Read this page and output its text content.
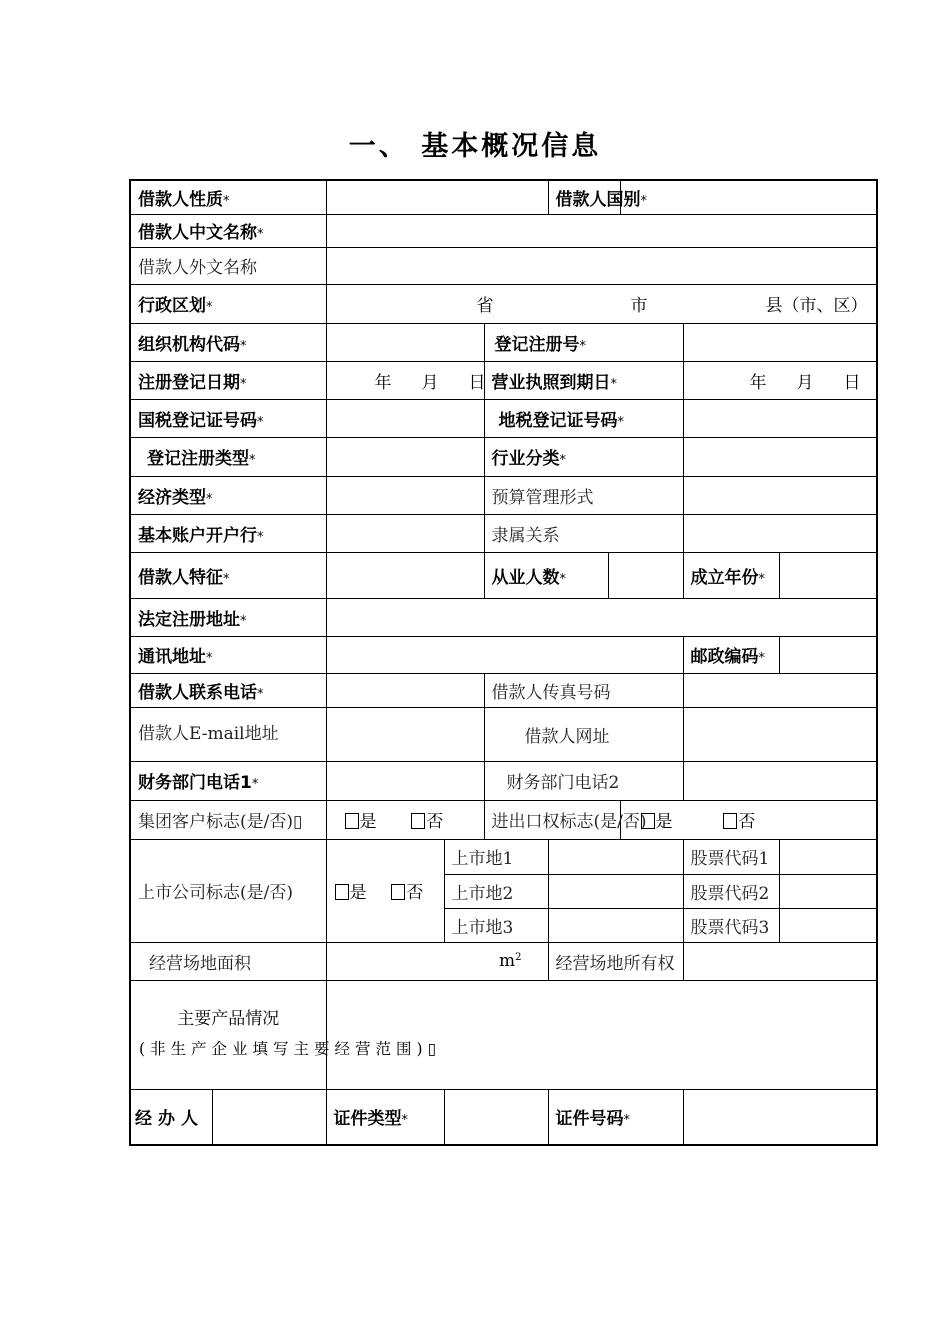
一、 基本概况信息
借款人性质*					借款人国别*				
借款人中文名称*									
借款人外文名称									
行政区划*		省 市 县（市、区）							
组织机构代码*				登记注册号*					
注册登记日期*		年 月 日		营业执照到期日*				年 月 日	
国税登记证号码*				地税登记证号码*					
登记注册类型*				行业分类*					
经济类型*				预算管理形式					
基本账户开户行*				隶属关系					
借款人特征*				从业人数*				成立年份*	
法定注册地址*									
通讯地址*								邮政编码*	
借款人联系电话*				借款人传真号码					
借款人E-mail地址				借款人网址					
财务部门电话1*				财务部门电话2					
集团客户标志(是/否)▯		是 否		进出口权标志(是/否)			是 否		
上市公司标志(是/否)		是 否	上市地1					股票代码1	
			上市地2					股票代码2	
			上市地3					股票代码3	
经营场地面积		$m^2$			经营场地所有权				

主要产品情况
(非生产企业填写主要经营范围)▯									

经办人		证件类型*			证件号码*				
